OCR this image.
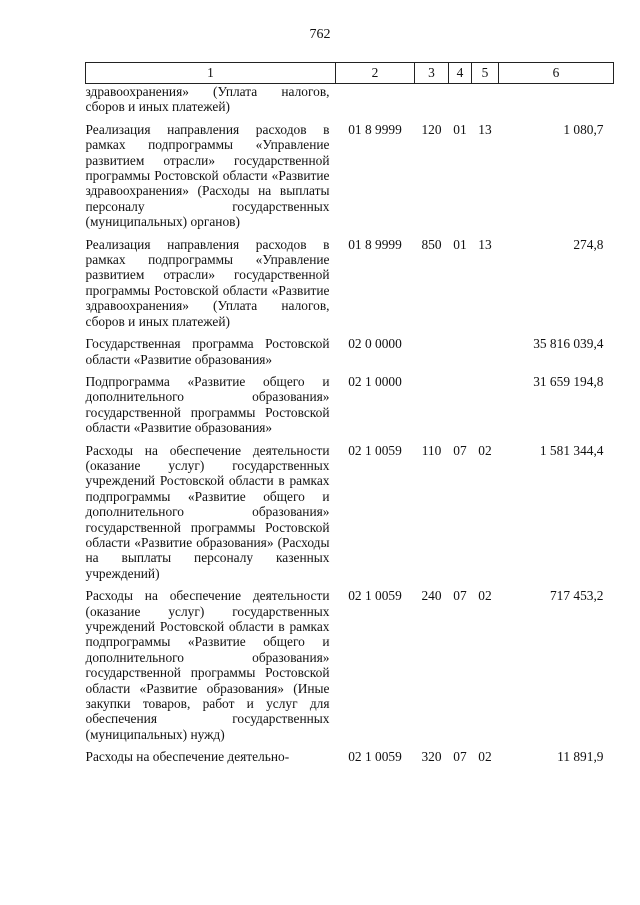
762
1	2	3	4	5	6
здравоохранения» (Уплата налогов, сборов и иных платежей)					
Реализация направления расходов в рамках подпрограммы «Управление развитием отрасли» государственной программы Ростовской области «Развитие здравоохранения» (Расходы на выплаты персоналу государственных (муниципальных) органов)	01 8 9999	120	01	13	1 080,7
Реализация направления расходов в рамках подпрограммы «Управление развитием отрасли» государственной программы Ростовской области «Развитие здравоохранения» (Уплата налогов, сборов и иных платежей)	01 8 9999	850	01	13	274,8
Государственная программа Ростовской области «Развитие образования»	02 0 0000				35 816 039,4
Подпрограмма «Развитие общего и дополнительного образования» государственной программы Ростовской области «Развитие образования»	02 1 0000				31 659 194,8
Расходы на обеспечение деятельности (оказание услуг) государственных учреждений Ростовской области в рамках подпрограммы «Развитие общего и дополнительного образования» государственной программы Ростовской области «Развитие образования» (Расходы на выплаты персоналу казенных учреждений)	02 1 0059	110	07	02	1 581 344,4
Расходы на обеспечение деятельности (оказание услуг) государственных учреждений Ростовской области в рамках подпрограммы «Развитие общего и дополнительного образования» государственной программы Ростовской области «Развитие образования» (Иные закупки товаров, работ и услуг для обеспечения государственных (муниципальных) нужд)	02 1 0059	240	07	02	717 453,2
Расходы на обеспечение деятельно-	02 1 0059	320	07	02	11 891,9
